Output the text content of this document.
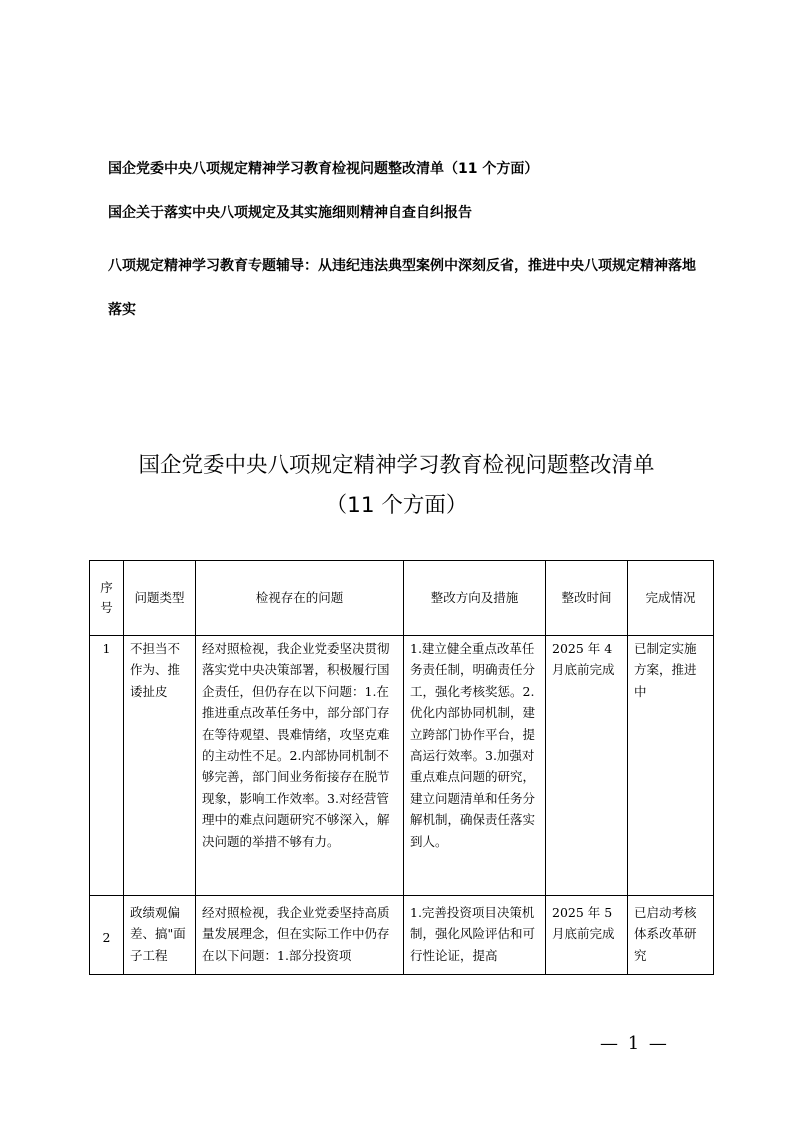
国企党委中央八项规定精神学习教育检视问题整改清单（11 个方面）
国企关于落实中央八项规定及其实施细则精神自查自纠报告
八项规定精神学习教育专题辅导：从违纪违法典型案例中深刻反省，推进中央八项规定精神落地落实
国企党委中央八项规定精神学习教育检视问题整改清单
（11 个方面）
序号	问题类型	检视存在的问题	整改方向及措施	整改时间	完成情况
1	不担当不作为、推诿扯皮	经对照检视，我企业党委坚决贯彻落实党中央决策部署，积极履行国企责任，但仍存在以下问题：1.在推进重点改革任务中，部分部门存在等待观望、畏难情绪，攻坚克难的主动性不足。2.内部协同机制不够完善，部门间业务衔接存在脱节现象，影响工作效率。3.对经营管理中的难点问题研究不够深入，解决问题的举措不够有力。	1.建立健全重点改革任务责任制，明确责任分工，强化考核奖惩。2.优化内部协同机制，建立跨部门协作平台，提高运行效率。3.加强对重点难点问题的研究，建立问题清单和任务分解机制，确保责任落实到人。	2025 年 4 月底前完成	已制定实施方案，推进中
2	政绩观偏差、搞"面子工程	经对照检视，我企业党委坚持高质量发展理念，但在实际工作中仍存在以下问题：1.部分投资项	1.完善投资项目决策机制，强化风险评估和可行性论证，提高	2025 年 5 月底前完成	已启动考核体系改革研究
— 1 —
